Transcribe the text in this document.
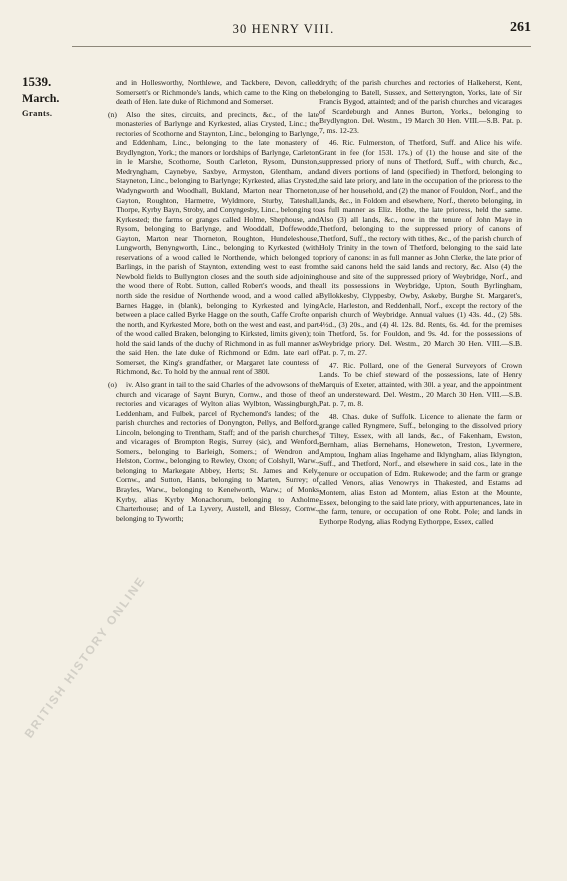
30 HENRY VIII.	261
1539.
March.
Grants.

and in Hollesworthy, Northlewe, and Tackbere, Devon, called Somersett's or Richmonde's lands, which came to the King on the death of Hen. late duke of Richmond and Somerset.

(n)	Also the sites, circuits, and precincts, &c., of the late monasteries of Barlynge and Kyrkested, alias Crysted, Linc.; the rectories of Scothorne and Staynton, Linc., belonging to Barlynge, and Eddenham, Linc., belonging to the late monastery of Brydlyngton, York.; the manors or lordships of Barlynge, Carleton in le Marshe, Scothorne, South Carleton, Rysom, Dunston, Medryngham, Caynebye, Saxbye, Armyston, Glentham, and Stayneton, Linc., belonging to Barlynge; Kyrkested, alias Crysted, Wadyngworth and Woodhall, Bukland, Marton near Thorneton, Gayton, Roughton, Harmetre, Wyldmore, Sturby, Tateshall, Thorpe, Kyrby Bayn, Stroby, and Conyngesby, Linc., belonging to Kyrkested; the farms or granges called Holme, Shephouse, and Rysom, belonging to Barlynge, and Wooddall, Doffewodde, Gayton, Marton near Thorneton, Roughton, Hundeleshouse, Lungworth, Benyngworth, Linc., belonging to Kyrkested (with reservations of a wood called le Northende, which belonged to Barlings, in the parish of Staynton, extending west to east from Newbold fields to Bullyngton closes and the south side adjoining the wood there of Robt. Sutton, called Robert's woods, and the north side the residue of Northende wood, and a wood called a Barnes Hagge, in (blank), belonging to Kyrkested and lying between a place called Byrke Hagge on the south, Caffe Crofte on the north, and Kyrkested More, both on the west and east, and part of the wood called Braken, belonging to Kirksted, limits given); to hold the said lands of the duchy of Richmond in as full manner as the said Hen. the late duke of Richmond or Edm. late earl of Somerset, the King's grandfather, or Margaret late countess of Richmond, &c. To hold by the annual rent of 380l.

(o)	iv. Also grant in tail to the said Charles of the advowsons of the church and vicarage of Saynt Buryn, Cornw., and those of the rectories and vicarages of Wylton alias Wylbton, Wassingburgh, Leddenham, and Fulbek, parcel of Rychemond's landes; of the parish churches and rectories of Donyngton, Pellys, and Belford, Lincoln, belonging to Trentham, Staff; and of the parish churches and vicarages of Brompton Regis, Surrey (sic), and Wenford, Somers., belonging to Barleigh, Somers.; of Wendron and Helston, Cornw., belonging to Rewley, Oxon; of Colshyll, Warw., belonging to Markegate Abbey, Herts; St. James and Kely, Cornw., and Sutton, Hants, belonging to Marten, Surrey; of Brayles, Warw., belonging to Kenelworth, Warw.; of Monks Kyrby, alias Kyrby Monachorum, belonging to Axholme Charterhouse; and of La Lyvery, Austell, and Blessy, Cornw., belonging to Tyworth;

dryth; of the parish churches and rectories of Halkeherst, Kent, belonging to Batell, Sussex, and Setteryngton, Yorks, late of Sir Francis Bygod, attainted; and of the parish churches and vicarages of Scardeburgh and Annes Burton, Yorks., belonging to Brydlyngton. Del. Westm., 19 March 30 Hen. VIII.—S.B. Pat. p. 7, ms. 12-23.

46. Ric. Fulmerston, of Thetford, Suff. and Alice his wife. Grant in fee (for 153l. 17s.) of (1) the house and site of the suppressed priory of nuns of Thetford, Suff., with church, &c., and divers portions of land (specified) in Thetford, belonging to the said late priory, and late in the occupation of the prioress to the use of her household, and (2) the manor of Fouldon, Norf., and the lands, &c., in Foldom and elsewhere, Norf., thereto belonging, in as full manner as Eliz. Hothe, the late prioress, held the same. Also (3) all lands, &c., now in the tenure of John Maye in Thetford, belonging to the suppressed priory of canons of Thetford, Suff., the rectory with tithes, &c., of the parish church of Holy Trinity in the town of Thetford, belonging to the said late priory of canons: in as full manner as John Clerke, the late prior of the said canons held the said lands and rectory, &c. Also (4) the house and site of the suppressed priory of Weybridge, Norf., and all its possessions in Weybridge, Upton, South Byrlingham, Byllokkesby, Clyppesby, Owby, Askeby, Burghe St. Margaret's, Acle, Harleston, and Reddenhall, Norf., except the rectory of the parish church of Weybridge. Annual values (1) 43s. 4d., (2) 58s. 4½d., (3) 20s., and (4) 4l. 12s. 8d. Rents, 6s. 4d. for the premises in Thetford, 5s. for Fouldon, and 9s. 4d. for the possessions of Weybridge priory. Del. Westm., 20 March 30 Hen. VIII.—S.B. Pat. p. 7, m. 27.

47. Ric. Pollard, one of the General Surveyors of Crown Lands. To be chief steward of the possessions, late of Henry Marquis of Exeter, attainted, with 30l. a year, and the appointment of an understeward. Del. Westm., 20 March 30 Hen. VIII.—S.B. Pat. p. 7, m. 8.

48. Chas. duke of Suffolk. Licence to alienate the farm or grange called Ryngmere, Suff., belonging to the dissolved priory of Tiltey, Essex, with all lands, &c., of Fakenham, Ewston, Bernham, alias Bernehams, Honeweton, Treston, Lyvermere, Amptou, Ingham alias Ingehame and Iklyngham, alias Iklyngton, Suff., and Thetford, Norf., and elsewhere in said cos., late in the tenure or occupation of Edm. Rukewode; and the farm or grange called Venors, alias Venowrys in Thakested, and Estams ad Montem, alias Eston ad Montem, alias Eston at the Mounte, Essex, belonging to the said late priory, with appurtenances, late in the farm, tenure, or occupation of one Robt. Pole; and lands in Eythorpe Rodyng, alias Rodyng Eythorppe, Essex, called

BRITISH HISTORY ONLINE
